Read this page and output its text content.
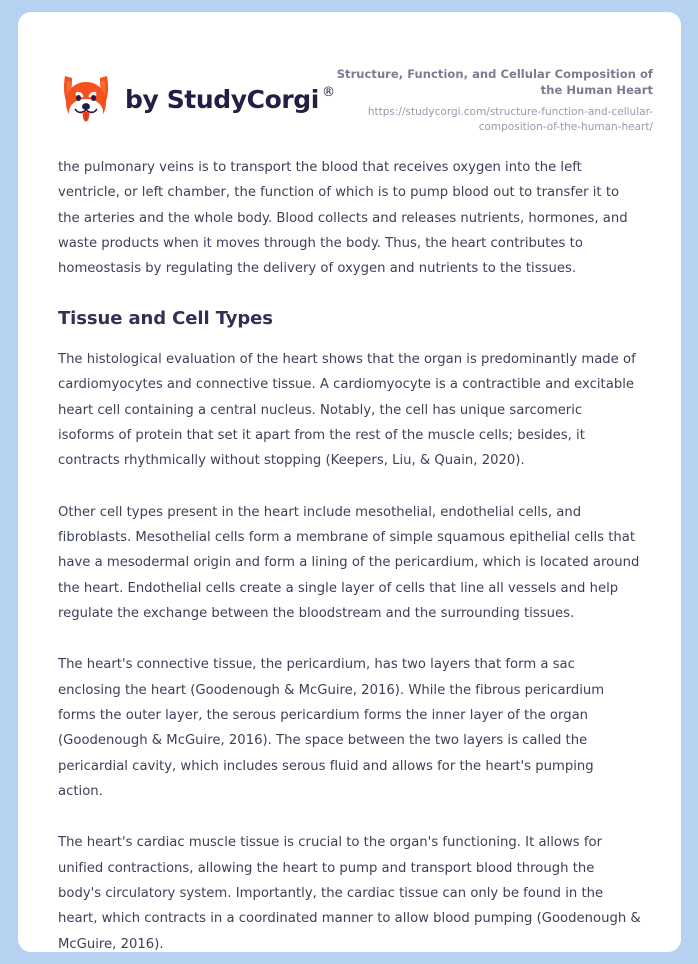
by StudyCorgi ®
Structure, Function, and Cellular Composition of the Human Heart
https://studycorgi.com/structure-function-and-cellular-composition-of-the-human-heart/

the pulmonary veins is to transport the blood that receives oxygen into the left ventricle, or left chamber, the function of which is to pump blood out to transfer it to the arteries and the whole body. Blood collects and releases nutrients, hormones, and waste products when it moves through the body. Thus, the heart contributes to homeostasis by regulating the delivery of oxygen and nutrients to the tissues.

Tissue and Cell Types

The histological evaluation of the heart shows that the organ is predominantly made of cardiomyocytes and connective tissue. A cardiomyocyte is a contractible and excitable heart cell containing a central nucleus. Notably, the cell has unique sarcomeric isoforms of protein that set it apart from the rest of the muscle cells; besides, it contracts rhythmically without stopping (Keepers, Liu, & Quain, 2020).

Other cell types present in the heart include mesothelial, endothelial cells, and fibroblasts. Mesothelial cells form a membrane of simple squamous epithelial cells that have a mesodermal origin and form a lining of the pericardium, which is located around the heart. Endothelial cells create a single layer of cells that line all vessels and help regulate the exchange between the bloodstream and the surrounding tissues.

The heart's connective tissue, the pericardium, has two layers that form a sac enclosing the heart (Goodenough & McGuire, 2016). While the fibrous pericardium forms the outer layer, the serous pericardium forms the inner layer of the organ (Goodenough & McGuire, 2016). The space between the two layers is called the pericardial cavity, which includes serous fluid and allows for the heart's pumping action.

The heart's cardiac muscle tissue is crucial to the organ's functioning. It allows for unified contractions, allowing the heart to pump and transport blood through the body's circulatory system. Importantly, the cardiac tissue can only be found in the heart, which contracts in a coordinated manner to allow blood pumping (Goodenough & McGuire, 2016).
